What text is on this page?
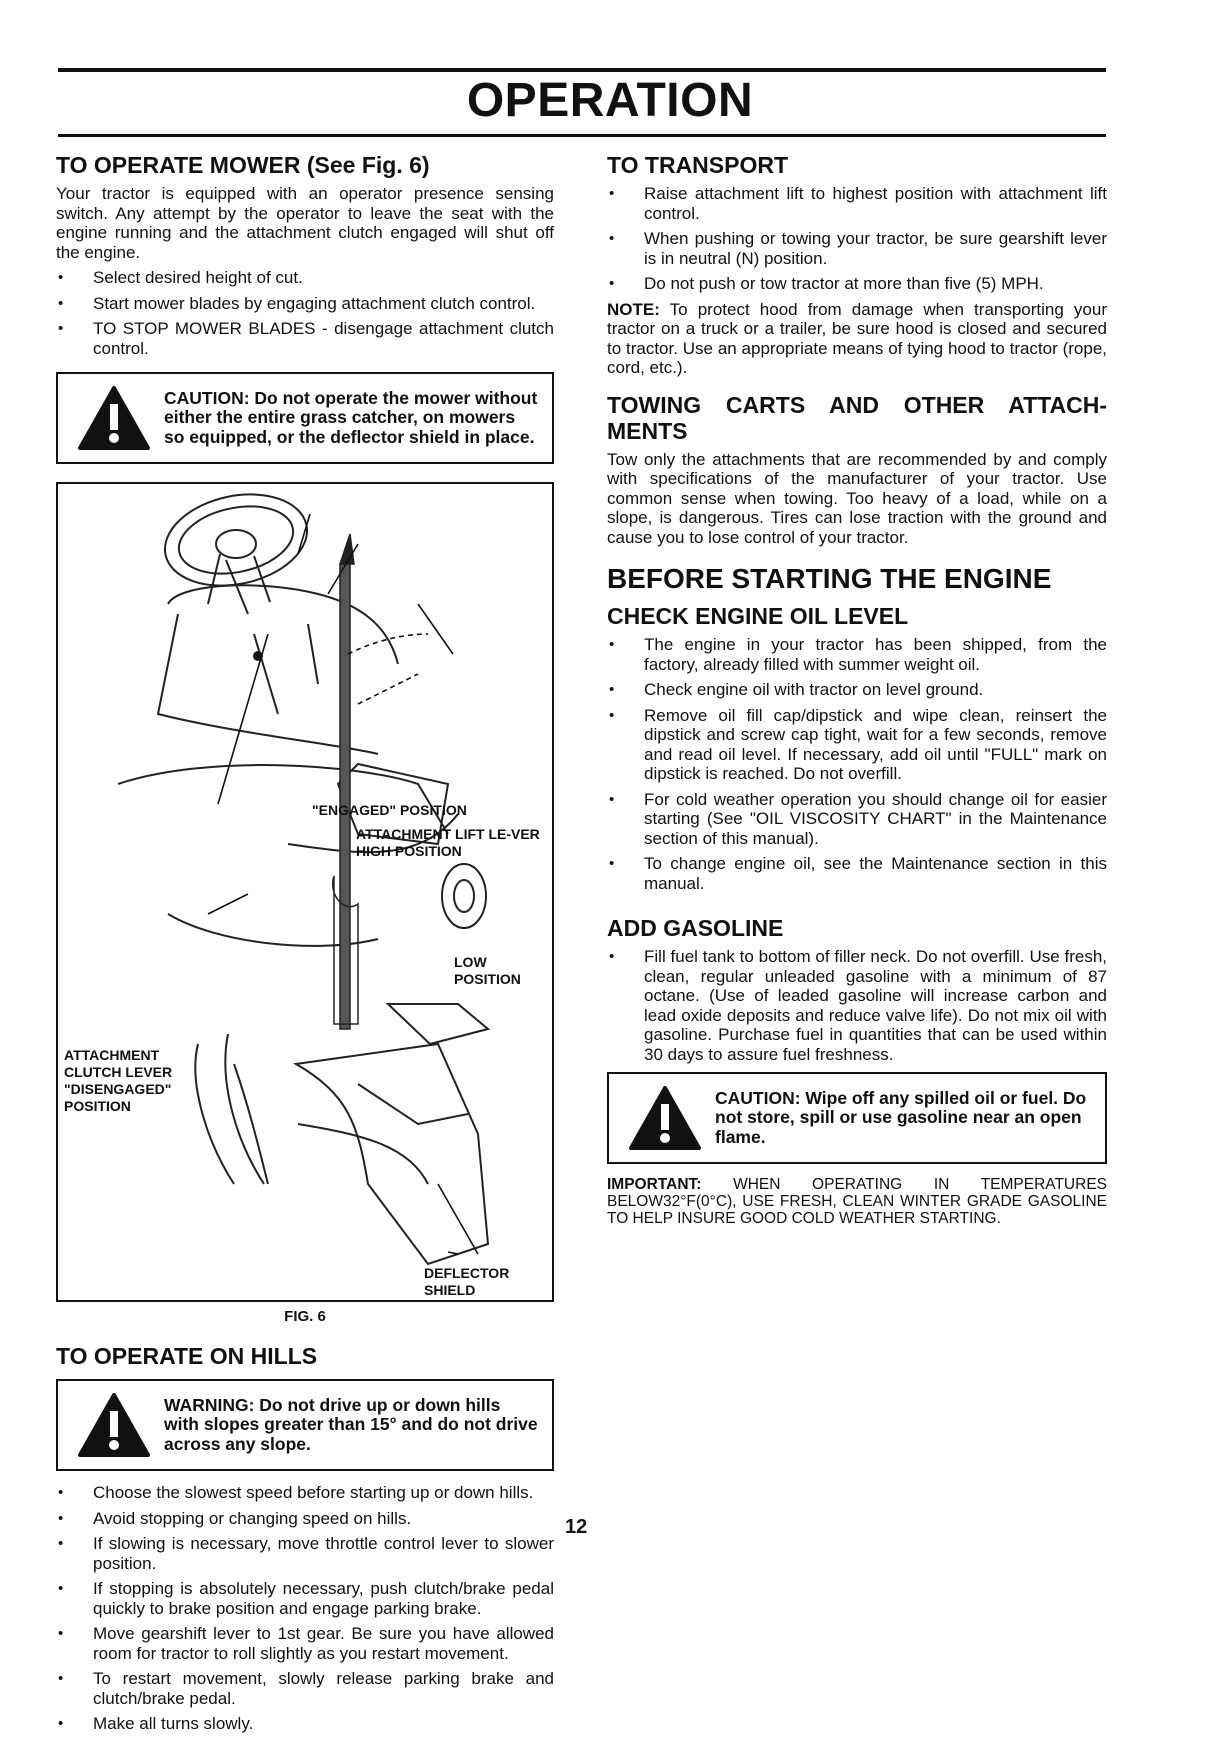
OPERATION
TO OPERATE MOWER (See Fig. 6)

Your tractor is equipped with an operator presence sensing switch. Any attempt by the operator to leave the seat with the engine running and the attachment clutch engaged will shut off the engine.

• Select desired height of cut.
• Start mower blades by engaging attachment clutch control.
• TO STOP MOWER BLADES - disengage attachment clutch control.
CAUTION: Do not operate the mower without either the entire grass catcher, on mowers so equipped, or the deflector shield in place.
"ENGAGED" POSITION
ATTACHMENT LIFT LE-VER HIGH POSITION
LOW POSITION
ATTACHMENT CLUTCH LEVER "DISENGAGED" POSITION
DEFLECTOR SHIELD
FIG. 6
TO OPERATE ON HILLS
WARNING: Do not drive up or down hills with slopes greater than 15° and do not drive across any slope.
• Choose the slowest speed before starting up or down hills.
• Avoid stopping or changing speed on hills.
• If slowing is necessary, move throttle control lever to slower position.
• If stopping is absolutely necessary, push clutch/brake pedal quickly to brake position and engage parking brake.
• Move gearshift lever to 1st gear. Be sure you have allowed room for tractor to roll slightly as you restart movement.
• To restart movement, slowly release parking brake and clutch/brake pedal.
• Make all turns slowly.
TO TRANSPORT
• Raise attachment lift to highest position with attachment lift control.
• When pushing or towing your tractor, be sure gearshift lever is in neutral (N) position.
• Do not push or tow tractor at more than five (5) MPH.

NOTE: To protect hood from damage when transporting your tractor on a truck or a trailer, be sure hood is closed and secured to tractor. Use an appropriate means of tying hood to tractor (rope, cord, etc.).

TOWING CARTS AND OTHER ATTACH-MENTS

Tow only the attachments that are recommended by and comply with specifications of the manufacturer of your tractor. Use common sense when towing. Too heavy of a load, while on a slope, is dangerous. Tires can lose traction with the ground and cause you to lose control of your tractor.

BEFORE STARTING THE ENGINE
CHECK ENGINE OIL LEVEL
• The engine in your tractor has been shipped, from the factory, already filled with summer weight oil.
• Check engine oil with tractor on level ground.
• Remove oil fill cap/dipstick and wipe clean, reinsert the dipstick and screw cap tight, wait for a few seconds, remove and read oil level. If necessary, add oil until "FULL" mark on dipstick is reached. Do not overfill.
• For cold weather operation you should change oil for easier starting (See "OIL VISCOSITY CHART" in the Maintenance section of this manual).
• To change engine oil, see the Maintenance section in this manual.
ADD GASOLINE
• Fill fuel tank to bottom of filler neck. Do not overfill. Use fresh, clean, regular unleaded gasoline with a minimum of 87 octane. (Use of leaded gasoline will increase carbon and lead oxide deposits and reduce valve life). Do not mix oil with gasoline. Purchase fuel in quantities that can be used within 30 days to assure fuel freshness.
CAUTION: Wipe off any spilled oil or fuel. Do not store, spill or use gasoline near an open flame.

IMPORTANT: WHEN OPERATING IN TEMPERATURES BELOW32°F(0°C), USE FRESH, CLEAN WINTER GRADE GASOLINE TO HELP INSURE GOOD COLD WEATHER STARTING.

12
